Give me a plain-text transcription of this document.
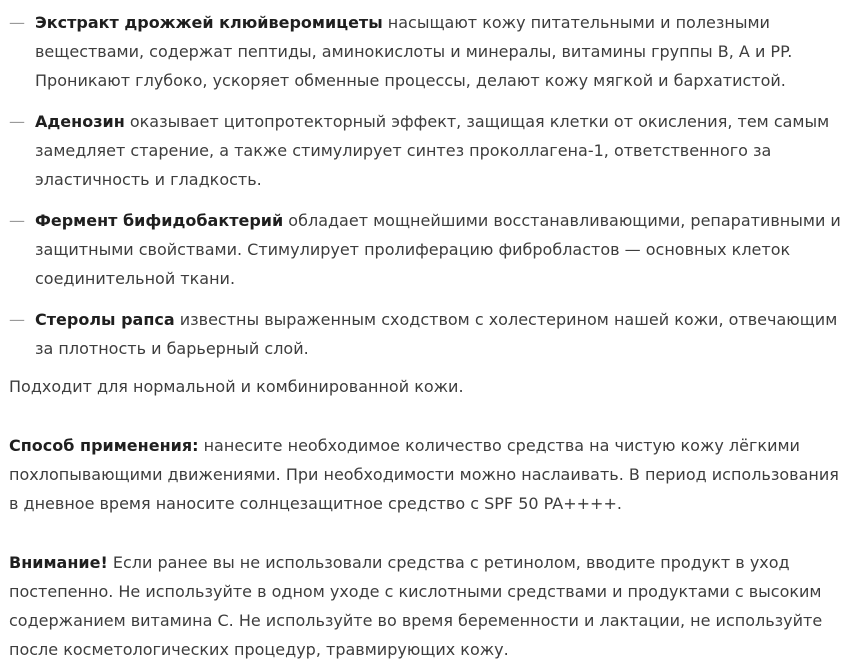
— Экстракт дрожжей клюйверомицеты насыщают кожу питательными и полезными веществами, содержат пептиды, аминокислоты и минералы, витамины группы B, A и PP. Проникают глубоко, ускоряет обменные процессы, делают кожу мягкой и бархатистой.
— Аденозин оказывает цитопротекторный эффект, защищая клетки от окисления, тем самым замедляет старение, а также стимулирует синтез проколлагена-1, ответственного за эластичность и гладкость.
— Фермент бифидобактерий обладает мощнейшими восстанавливающими, репаративными и защитными свойствами. Стимулирует пролиферацию фибробластов — основных клеток соединительной ткани.
— Стеролы рапса известны выраженным сходством с холестерином нашей кожи, отвечающим за плотность и барьерный слой.

Подходит для нормальной и комбинированной кожи.

Способ применения: нанесите необходимое количество средства на чистую кожу лёгкими похлопывающими движениями. При необходимости можно наслаивать. В период использования в дневное время наносите солнцезащитное средство с SPF 50 PA++++.

Внимание! Если ранее вы не использовали средства с ретинолом, вводите продукт в уход постепенно. Не используйте в одном уходе с кислотными средствами и продуктами с высоким содержанием витамина С. Не используйте во время беременности и лактации, не используйте после косметологических процедур, травмирующих кожу.
